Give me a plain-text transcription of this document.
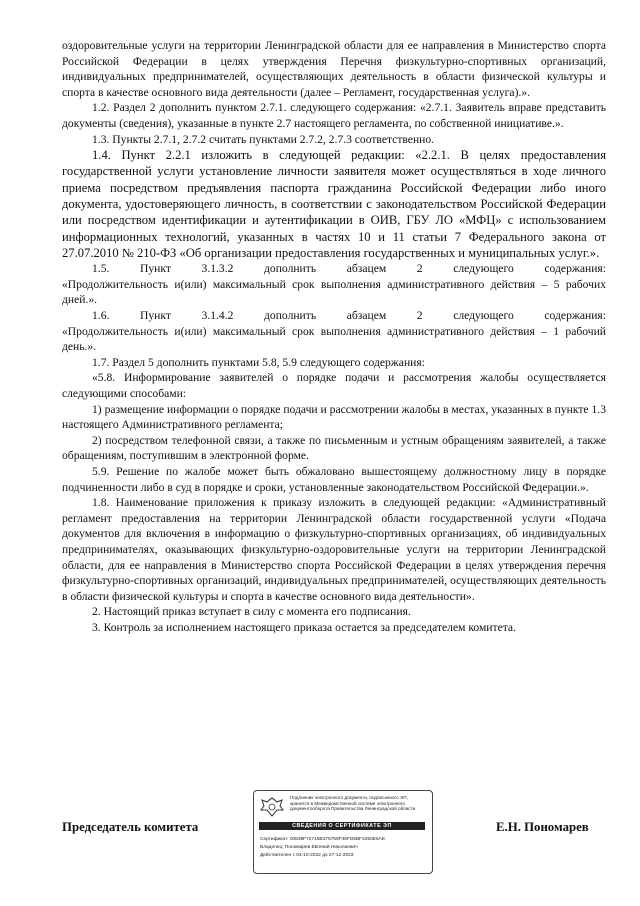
оздоровительные услуги на территории Ленинградской области для ее направления в Министерство спорта Российской Федерации в целях утверждения Перечня физкультурно-спортивных организаций, индивидуальных предпринимателей, осуществляющих деятельность в области физической культуры и спорта в качестве основного вида деятельности (далее – Регламент, государственная услуга).».

1.2. Раздел 2 дополнить пунктом 2.7.1. следующего содержания: «2.7.1. Заявитель вправе представить документы (сведения), указанные в пункте 2.7 настоящего регламента, по собственной инициативе.».

1.3. Пункты 2.7.1, 2.7.2 считать пунктами 2.7.2, 2.7.3 соответственно.

1.4. Пункт 2.2.1 изложить в следующей редакции: «2.2.1. В целях предоставления государственной услуги установление личности заявителя может осуществляться в ходе личного приема посредством предъявления паспорта гражданина Российской Федерации либо иного документа, удостоверяющего личность, в соответствии с законодательством Российской Федерации или посредством идентификации и аутентификации в ОИВ, ГБУ ЛО «МФЦ» с использованием информационных технологий, указанных в частях 10 и 11 статьи 7 Федерального закона от 27.07.2010 № 210-ФЗ «Об организации предоставления государственных и муниципальных услуг.».

1.5. Пункт 3.1.3.2 дополнить абзацем 2 следующего содержания:

«Продолжительность и(или) максимальный срок выполнения административного действия – 5 рабочих дней.».

1.6. Пункт 3.1.4.2 дополнить абзацем 2 следующего содержания:

«Продолжительность и(или) максимальный срок выполнения административного действия – 1 рабочий день.».

1.7. Раздел 5 дополнить пунктами 5.8, 5.9 следующего содержания:

«5.8. Информирование заявителей о порядке подачи и рассмотрения жалобы осуществляется следующими способами:

1) размещение информации о порядке подачи и рассмотрении жалобы в местах, указанных в пункте 1.3 настоящего Административного регламента;

2) посредством телефонной связи, а также по письменным и устным обращениям заявителей, а также обращениям, поступившим в электронной форме.

5.9. Решение по жалобе может быть обжаловано вышестоящему должностному лицу в порядке подчиненности либо в суд в порядке и сроки, установленные законодательством Российской Федерации.».

1.8. Наименование приложения к приказу изложить в следующей редакции: «Административный регламент предоставления на территории Ленинградской области государственной услуги «Подача документов для включения в информацию о физкультурно-спортивных организациях, об индивидуальных предпринимателях, оказывающих физкультурно-оздоровительные услуги на территории Ленинградской области, для ее направления в Министерство спорта Российской Федерации в целях утверждения перечня физкультурно-спортивных организаций, индивидуальных предпринимателей, осуществляющих деятельность в области физической культуры и спорта в качестве основного вида деятельности».

2. Настоящий приказ вступает в силу с момента его подписания.

3. Контроль за исполнением настоящего приказа остается за председателем комитета.

Председатель комитета	Е.Н. Пономарев
Подлинник электронного документа, подписанного ЭП, хранится в Межведомственной системе электронного документооборота Правительства Ленинградской области
СВЕДЕНИЯ О СЕРТИФИКАТЕ ЭП
Сертификат: 00839F72715B375759F46FD5BF2250E6AE
Владелец: Пономарев Евгений Николаевич
Действителен с 03-10-2022 до 27-12-2023
